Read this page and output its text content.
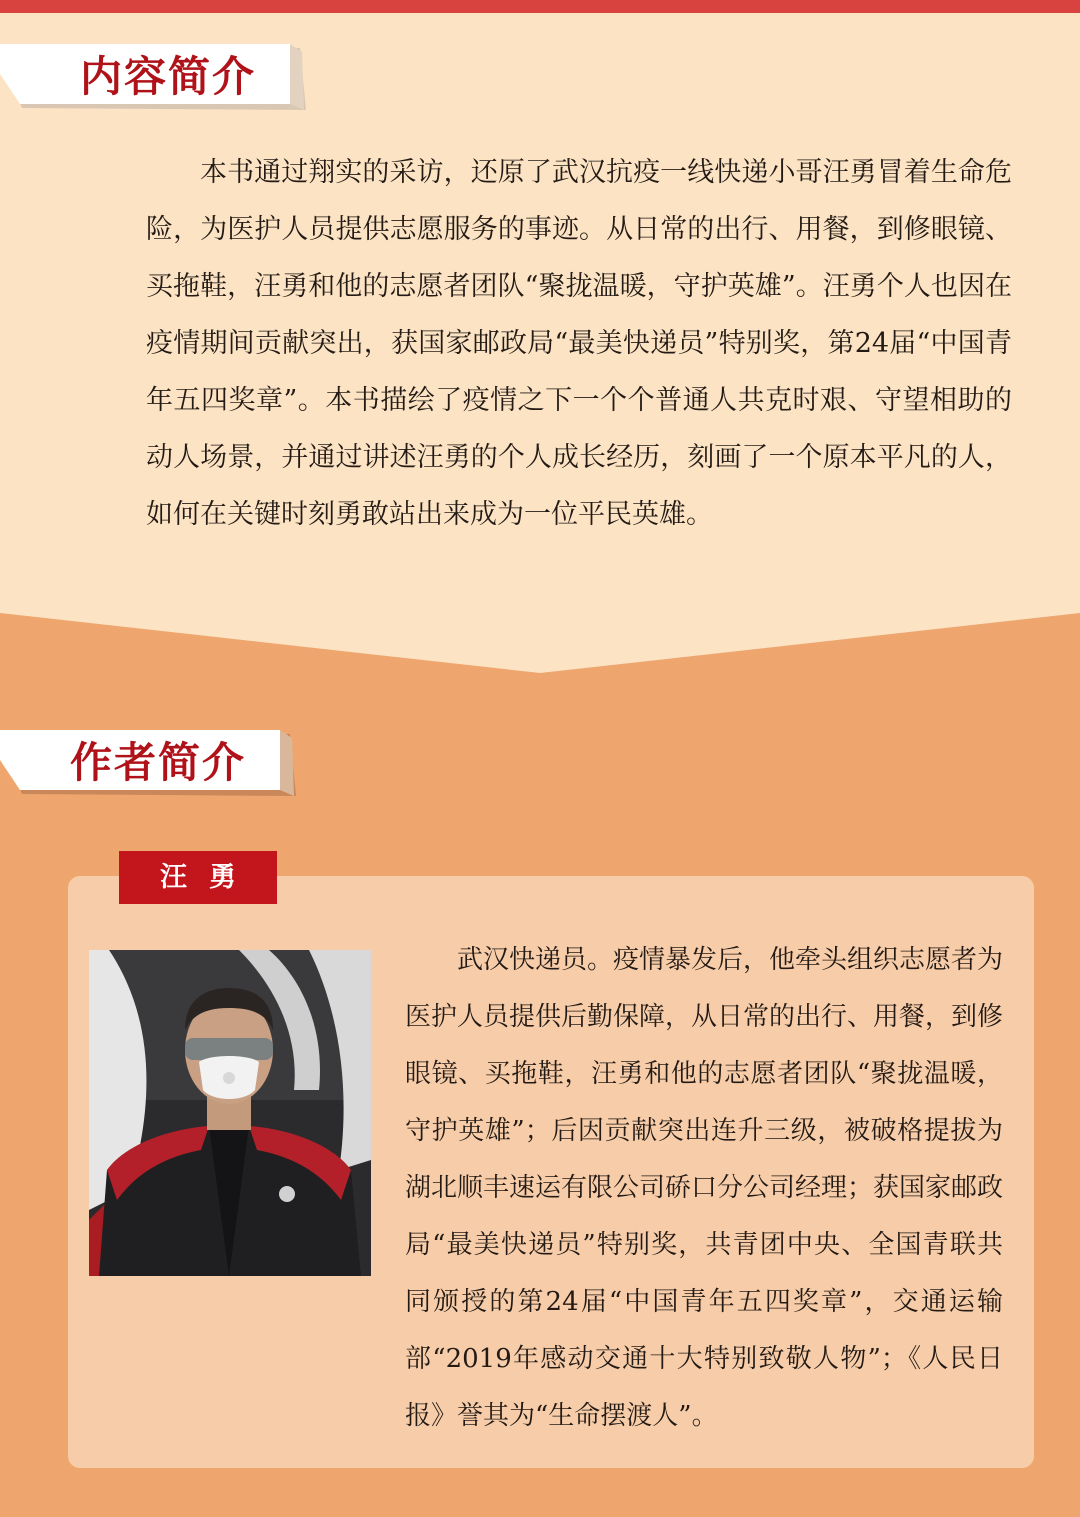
内容简介

本书通过翔实的采访，还原了武汉抗疫一线快递小哥汪勇冒着生命危险，为医护人员提供志愿服务的事迹。从日常的出行、用餐，到修眼镜、买拖鞋，汪勇和他的志愿者团队“聚拢温暖，守护英雄”。汪勇个人也因在疫情期间贡献突出，获国家邮政局“最美快递员”特别奖，第24届“中国青年五四奖章”。本书描绘了疫情之下一个个普通人共克时艰、守望相助的动人场景，并通过讲述汪勇的个人成长经历，刻画了一个原本平凡的人，如何在关键时刻勇敢站出来成为一位平民英雄。

作者简介
汪勇

武汉快递员。疫情暴发后，他牵头组织志愿者为医护人员提供后勤保障，从日常的出行、用餐，到修眼镜、买拖鞋，汪勇和他的志愿者团队“聚拢温暖，守护英雄”；后因贡献突出连升三级，被破格提拔为湖北顺丰速运有限公司硚口分公司经理；获国家邮政局“最美快递员”特别奖，共青团中央、全国青联共同颁授的第24届“中国青年五四奖章”，交通运输部“2019年感动交通十大特别致敬人物”；《人民日报》誉其为“生命摆渡人”。
